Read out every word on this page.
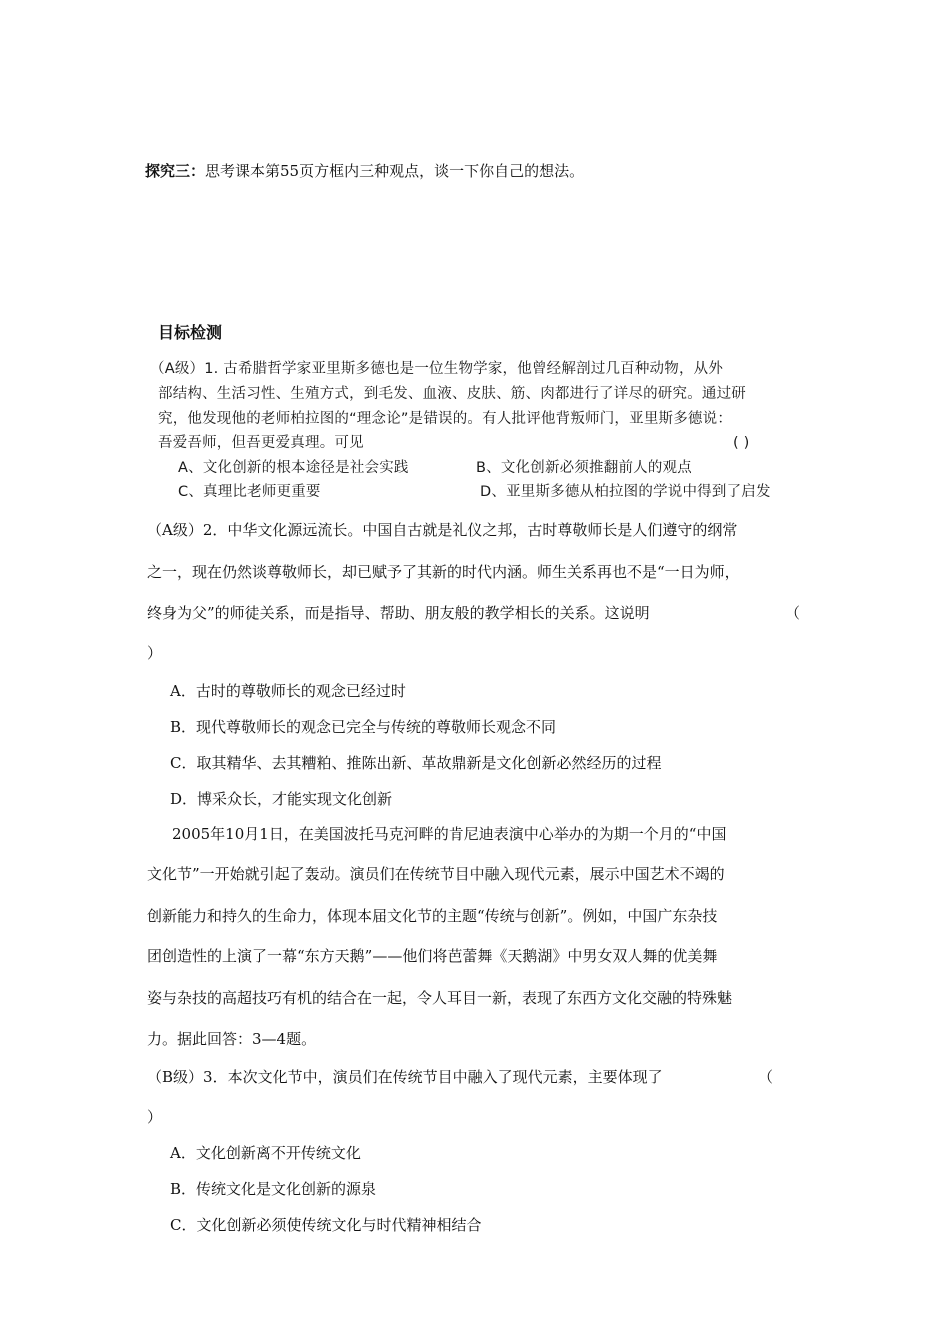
探究三：思考课本第55页方框内三种观点，谈一下你自己的想法。
目标检测
（A级）1. 古希腊哲学家亚里斯多德也是一位生物学家，他曾经解剖过几百种动物，从外
部结构、生活习性、生殖方式，到毛发、血液、皮肤、筋、肉都进行了详尽的研究。通过研
究，他发现他的老师柏拉图的“理念论”是错误的。有人批评他背叛师门，亚里斯多德说：
吾爱吾师，但吾更爱真理。可见	( )
A、文化创新的根本途径是社会实践	B、文化创新必须推翻前人的观点
C、真理比老师更重要	D、亚里斯多德从柏拉图的学说中得到了启发
（A级）2．中华文化源远流长。中国自古就是礼仪之邦，古时尊敬师长是人们遵守的纲常
之一，现在仍然谈尊敬师长，却已赋予了其新的时代内涵。师生关系再也不是“一日为师，
终身为父”的师徒关系，而是指导、帮助、朋友般的教学相长的关系。这说明	（
）
A．古时的尊敬师长的观念已经过时
B．现代尊敬师长的观念已完全与传统的尊敬师长观念不同
C．取其精华、去其糟粕、推陈出新、革故鼎新是文化创新必然经历的过程
D．博采众长，才能实现文化创新
2005年10月1日，在美国波托马克河畔的肯尼迪表演中心举办的为期一个月的“中国
文化节”一开始就引起了轰动。演员们在传统节目中融入现代元素，展示中国艺术不竭的
创新能力和持久的生命力，体现本届文化节的主题“传统与创新”。例如，中国广东杂技
团创造性的上演了一幕“东方天鹅”——他们将芭蕾舞《天鹅湖》中男女双人舞的优美舞
姿与杂技的高超技巧有机的结合在一起，令人耳目一新，表现了东西方文化交融的特殊魅
力。据此回答：3—4题。
（B级）3．本次文化节中，演员们在传统节目中融入了现代元素，主要体现了	（
）
A．文化创新离不开传统文化
B．传统文化是文化创新的源泉
C．文化创新必须使传统文化与时代精神相结合
